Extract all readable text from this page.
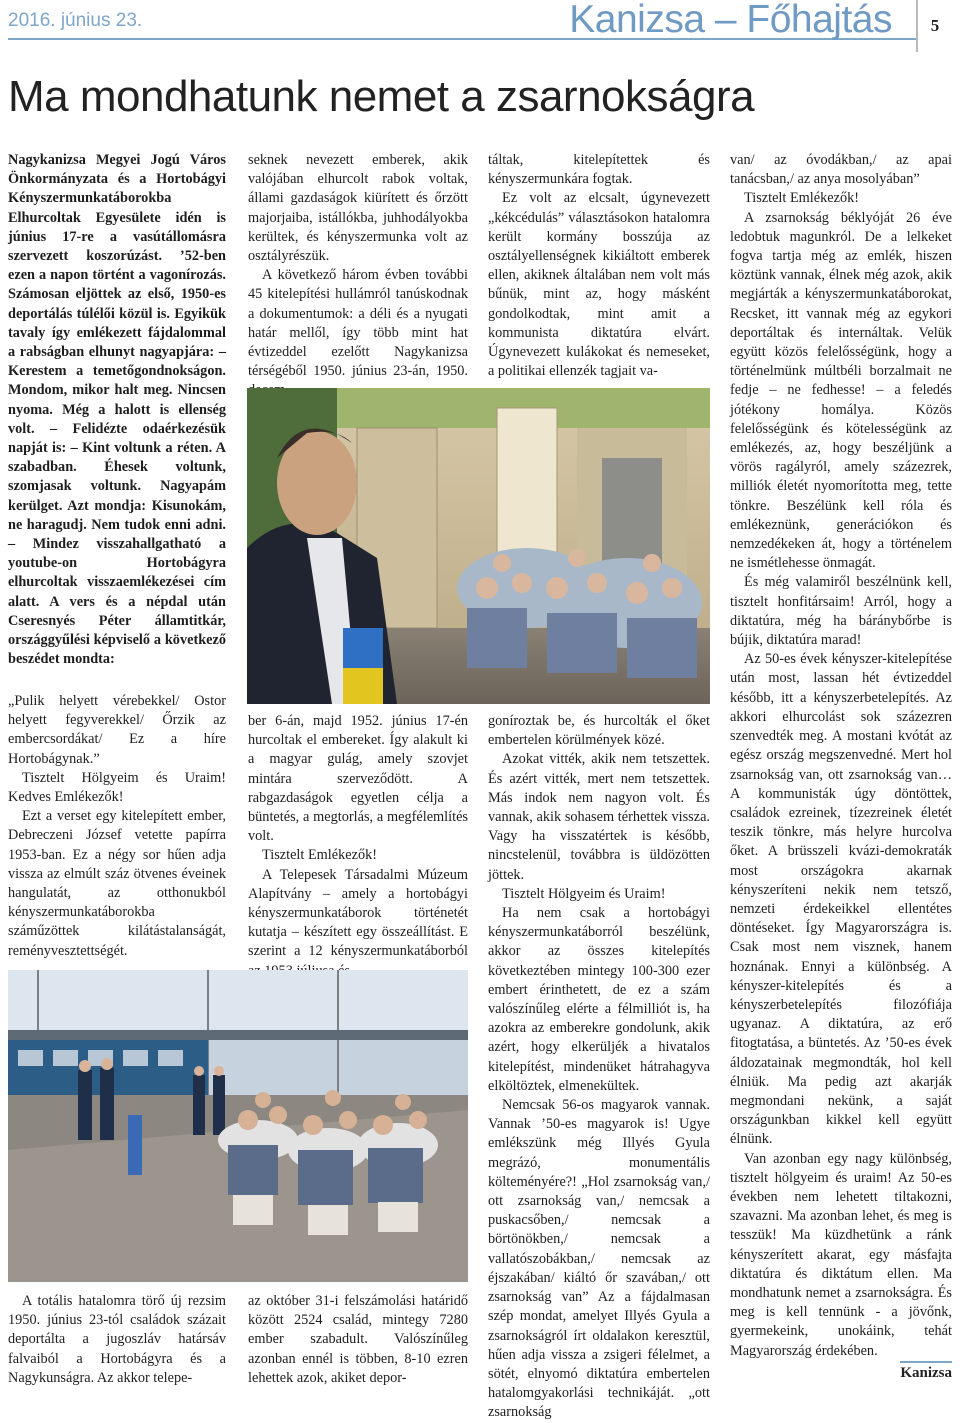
2016. június 23.	Kanizsa – Főhajtás	5
Ma mondhatunk nemet a zsarnokságra

Nagykanizsa Megyei Jogú Város Önkormányzata és a Hortobágyi Kényszermunkatáborokba Elhurcoltak Egyesülete idén is június 17-re a vasútállomásra szervezett koszorúzást. ’52-ben ezen a napon történt a vagonírozás. Számosan eljöttek az első, 1950-es deportálás túlélői közül is. Egyikük tavaly így emlékezett fájdalommal a rabságban elhunyt nagyapjára: – Kerestem a temetőgondnokságon. Mondom, mikor halt meg. Nincsen nyoma. Még a halott is ellenség volt. – Felidézte odaérkezésük napját is: – Kint voltunk a réten. A szabadban. Éhesek voltunk, szomjasak voltunk. Nagyapám kerülget. Azt mondja: Kisunokám, ne haragudj. Nem tudok enni adni. – Mindez visszahallgatható a youtube-on Hortobágyra elhurcoltak visszaemlékezései cím alatt. A vers és a népdal után Cseresnyés Péter államtitkár, országgyűlési képviselő a következő beszédet mondta:

„Pulik helyett vérebekkel/ Ostor helyett fegyverekkel/ Őrzik az embercsordákat/ Ez a híre Hortobágynak.”

Tisztelt Hölgyeim és Uraim! Kedves Emlékezők!

Ezt a verset egy kitelepített ember, Debreczeni József vetette papírra 1953-ban. Ez a négy sor hűen adja vissza az elmúlt száz ötvenes éveinek hangulatát, az otthonukból kényszermunkatáborokba száműzöttek kilátástalanságát, reményvesztettségét.

A totális hatalomra törő új rezsim 1950. június 23-tól családok százait deportálta a jugoszláv határsáv falvaiból a Hortobágyra és a Nagykunságra. Az akkor telepe-

seknek nevezett emberek, akik valójában elhurcolt rabok voltak, állami gazdaságok kiürített és őrzött majorjaiba, istállókba, juhhodályokba kerültek, és kényszermunka volt az osztályrészük.

A következő három évben további 45 kitelepítési hullámról tanúskodnak a dokumentumok: a déli és a nyugati határ mellől, így több mint hat évtizeddel ezelőtt Nagykanizsa térségéből 1950. június 23-án, 1950.

táltak, kitelepítettek és kényszermunkára fogtak.

Ez volt az elcsalt, úgynevezett „kékcédulás” választásokon hatalomra került kormány bosszúja az osztályellenségnek kikiáltott emberek ellen, akiknek általában nem volt más bűnük, mint az, hogy másként gondolkodtak, mint amit a kommunista diktatúra elvárt. Úgynevezett kulákokat és nemeseket, a politikai ellenzék tagjait va-

ber 6-án, majd 1952. június 17-én hurcoltak el embereket. Így alakult ki a magyar gulág, amely szovjet mintára szerveződött. A rabgazdaságok egyetlen célja a büntetés, a megtorlás, a megfélemlítés volt.

Tisztelt Emlékezők!

A Telepesek Társadalmi Múzeum Alapítvány – amely a hortobágyi kényszermunkatáborok történetét kutatja – készített egy összeállítást. E szerint a 12 kényszermunkatáborból

az október 31-i felszámolási határidő között 2524 család, mintegy 7280 ember szabadult. Valószínűleg azonban ennél is többen, 8-10 ezren lehettek azok, akiket depor-

goníroztak be, és hurcolták el őket embertelen körülmények közé.

Azokat vitték, akik nem tetszettek. És azért vitték, mert nem tetszettek. Más indok nem nagyon volt. És vannak, akik sohasem térhettek vissza. Vagy ha visszatértek is később, nincstelenül, továbbra is üldözötten jöttek.

Tisztelt Hölgyeim és Uraim!

Ha nem csak a hortobágyi kényszermunkatáborról beszélünk, akkor az összes kitelepítés következtében mintegy 100-300 ezer embert érinthetett, de ez a szám valószínűleg elérte a félmilliót is, ha azokra az emberekre gondolunk, akik azért, hogy elkerüljék a hivatalos kitelepítést, mindenüket hátrahagyva elköltöztek, elmenekültek.

Nemcsak 56-os magyarok vannak. Vannak ’50-es magyarok is! Ugye emlékszünk még Illyés Gyula megrázó, monumentális költeményére?! „Hol zsarnokság van,/ ott zsarnokság van,/ nemcsak a puskacsőben,/ nemcsak a börtönökben,/ nemcsak a vallatószobákban,/ nemcsak az éjszakában/ kiáltó őr szavában,/ ott zsarnokság van” Az a fájdalmasan szép mondat, amelyet Illyés Gyula a zsarnokságról írt oldalakon keresztül, hűen adja vissza a zsigeri félelmet, a sötét, elnyomó diktatúra embertelen hatalomgyakorlási technikáját. „ott zsarnokság

van/ az óvodákban,/ az apai tanácsban,/ az anya mosolyában”

Tisztelt Emlékezők!

A zsarnokság béklyóját 26 éve ledobtuk magunkról. De a lelkeket fogva tartja még az emlék, hiszen köztünk vannak, élnek még azok, akik megjárták a kényszermunkatáborokat, Recsket, itt vannak még az egykori deportáltak és internáltak. Velük együtt közös felelősségünk, hogy a történelmünk múltbéli borzalmait ne fedje – ne fedhesse! – a feledés jótékony homálya. Közös felelősségünk és kötelességünk az emlékezés, az, hogy beszéljünk a vörös ragályról, amely százezrek, milliók életét nyomorította meg, tette tönkre. Beszélünk kell róla és emlékeznünk, generációkon és nemzedékeken át, hogy a történelem ne ismétlehesse önmagát.

És még valamiről beszélnünk kell, tisztelt honfitársaim! Arról, hogy a diktatúra, még ha báránybőrbe is bújik, diktatúra marad!

Az 50-es évek kényszer-kitelepítése után most, lassan hét évtizeddel később, itt a kényszerbetelepítés. Az akkori elhurcolást sok százezren szenvedték meg. A mostani kvótát az egész ország megszenvedné. Mert hol zsarnokság van, ott zsarnokság van… A kommunisták úgy döntöttek, családok ezreinek, tízezreinek életét teszik tönkre, más helyre hurcolva őket. A brüsszeli kvázi-demokraták most országokra akarnak kényszeríteni nekik nem tetsző, nemzeti érdekeikkel ellentétes döntéseket. Így Magyarországra is. Csak most nem visznek, hanem hoznának. Ennyi a különbség. A kényszer-kitelepítés és a kényszerbetelepítés filozófiája ugyanaz. A diktatúra, az erő fitogtatása, a büntetés. Az ’50-es évek áldozatainak megmondták, hol kell élniük. Ma pedig azt akarják megmondani nekünk, a saját országunkban kikkel kell együtt élnünk.

Van azonban egy nagy különbség, tisztelt hölgyeim és uraim! Az 50-es években nem lehetett tiltakozni, szavazni. Ma azonban lehet, és meg is tesszük! Ma küzdhetünk a ránk kényszerített akarat, egy másfajta diktatúra és diktátum ellen. Ma mondhatunk nemet a zsarnokságra. És meg is kell tennünk - a jövőnk, gyermekeink, unokáink, tehát Magyarország érdekében.

Kanizsa
